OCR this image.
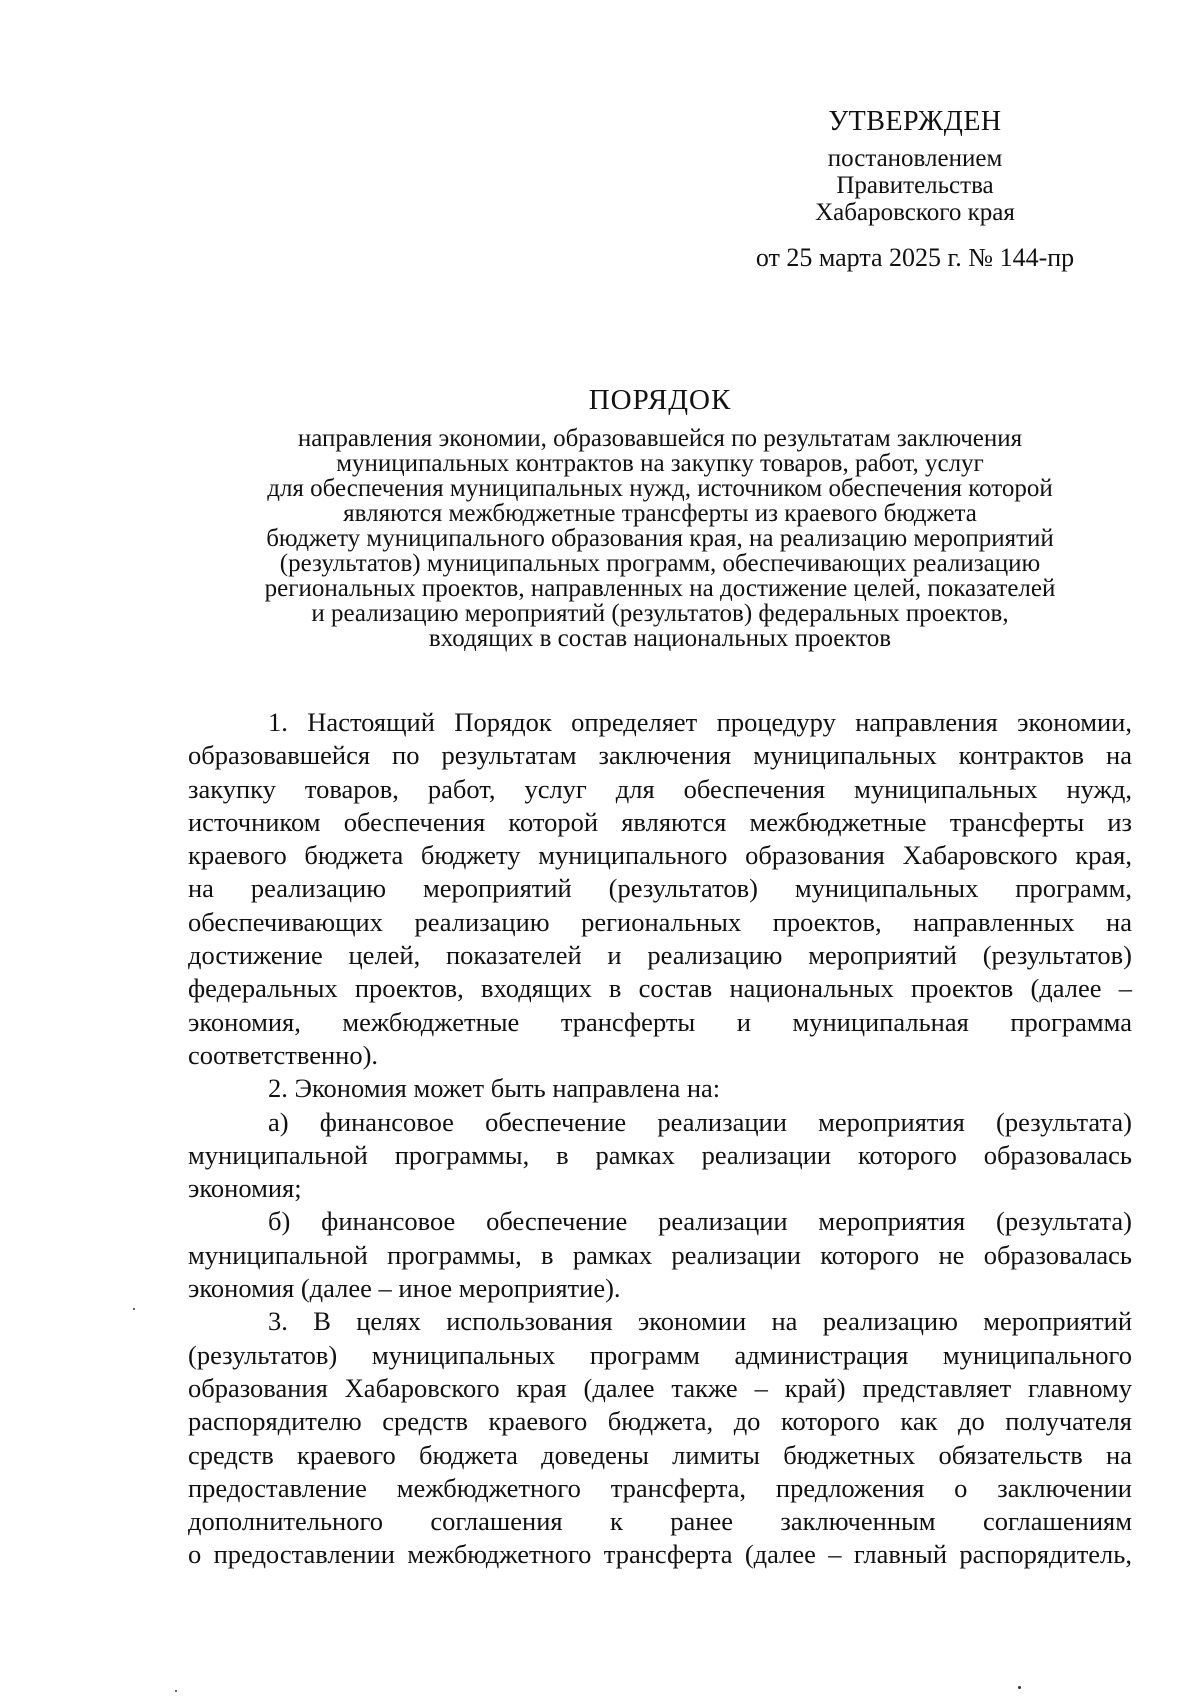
УТВЕРЖДЕН
постановлением
Правительства
Хабаровского края
от 25 марта 2025 г. № 144-пр
ПОРЯДОК
направления экономии, образовавшейся по результатам заключения
муниципальных контрактов на закупку товаров, работ, услуг
для обеспечения муниципальных нужд, источником обеспечения которой
являются межбюджетные трансферты из краевого бюджета
бюджету муниципального образования края, на реализацию мероприятий
(результатов) муниципальных программ, обеспечивающих реализацию
региональных проектов, направленных на достижение целей, показателей
и реализацию мероприятий (результатов) федеральных проектов,
входящих в состав национальных проектов

1. Настоящий Порядок определяет процедуру направления экономии,
образовавшейся по результатам заключения муниципальных контрактов на
закупку товаров, работ, услуг для обеспечения муниципальных нужд,
источником обеспечения которой являются межбюджетные трансферты из
краевого бюджета бюджету муниципального образования Хабаровского края,
на реализацию мероприятий (результатов) муниципальных программ,
обеспечивающих реализацию региональных проектов, направленных на
достижение целей, показателей и реализацию мероприятий (результатов)
федеральных проектов, входящих в состав национальных проектов (далее –
экономия, межбюджетные трансферты и муниципальная программа
соответственно).

2. Экономия может быть направлена на:

а) финансовое обеспечение реализации мероприятия (результата)
муниципальной программы, в рамках реализации которого образовалась
экономия;

б) финансовое обеспечение реализации мероприятия (результата)
муниципальной программы, в рамках реализации которого не образовалась
экономия (далее – иное мероприятие).

3. В целях использования экономии на реализацию мероприятий
(результатов) муниципальных программ администрация муниципального
образования Хабаровского края (далее также – край) представляет главному
распорядителю средств краевого бюджета, до которого как до получателя
средств краевого бюджета доведены лимиты бюджетных обязательств на
предоставление межбюджетного трансферта, предложения о заключении
дополнительного соглашения к ранее заключенным соглашениям
о предоставлении межбюджетного трансферта (далее – главный распорядитель,
